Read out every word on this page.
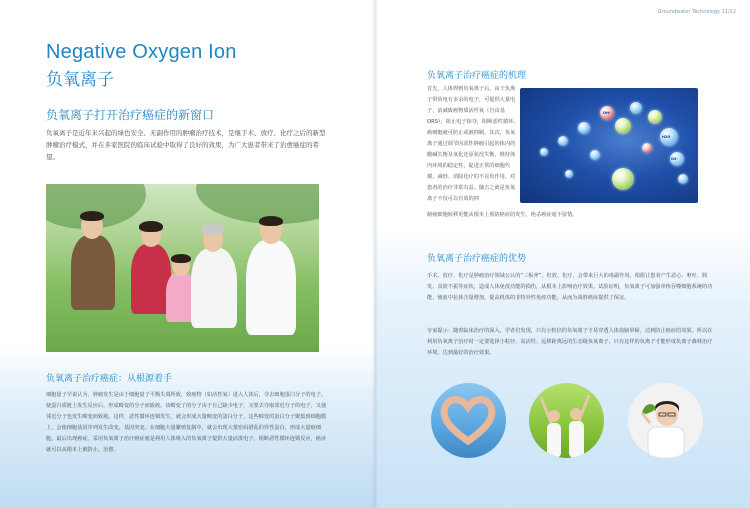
Groundwater Technology 11/12
Negative Oxygen Ion
负氧离子
负氧离子打开治疗癌症的新窗口
负氧离子是近年来兴起的绿色安全、无副作用的肿瘤治疗技术，是继手术、放疗、化疗之后的新型肿瘤治疗模式，并在多家医院的临床试验中取得了良好的效果，为广大患者带来了治愈癌症的希望。
负氧离子治疗癌症：从根源着手
细胞量子学说认为，肿瘤发生是由于细胞量子平衡失调所致，致癌物（如活性氧）进入人体后，夺去细胞蛋白分子的电子，使蛋白质链上发生反应后，形成畸变的分子而致癌。该畸变了的分子由于自己缺少电子，又要去夺取邻近分子的电子，又使邻近分子也发生畸变而致癌。这样，恶性循环连锁发生，就会形成大量畸变的蛋白分子，这些畸变的蛋白分子聚集到细胞膜上，会使细胞基因序列发生改变，基因突变。在细胞大量繁殖复制中，就会出现大量密码错乱的异性蛋白，形成大量癌细胞。最后出现癌症。采用负氧离子治疗癌症就是利用人体吸入的负氧离子提供大量活泼电子，阻断恶性循环连锁反应，癌症就可以从根本上被防止、治愈。
负氧离子治疗癌症的机理
首先，人体得到负氧离子后，由于负离子带负电有多余的电子，可提供大量电子，消减致癌物质活性氧（自由基ORS），阻止电子掠夺，阻断恶性循环，癌细胞就可防止或被抑制。其次，负氧离子通过调节因恶性肿瘤引起的体内的酸碱失衡及氧化还原状况失衡，维持体内环境的稳定性，促进正常的细胞代谢，减轻、消除化疗的不良负作用，对患者的治疗非常有益。随吉之就是负氧离子不仅可以有效的抑
制癌细胞转移更能从根本上预防癌症的发生，绝杀癌症毫不留情。
OH-
H2O
O2-
负氧离子治疗癌症的优势
手术、放疗、化疗是肿瘤治疗领域公认的“三板斧”，但放、化疗，会带来巨大的毒副作用。根据让患者产生恶心、呕吐、脱发、食欲不振等症状，造成人体免疫功能的损伤，从根本上影响治疗效果。试验证明，负氧离子可加强单核吞噬细胞系统的功能，使血中抗体含量增加，提高机体的非特异性免疫功能，从而为战胜癌症提供了保证。
专家提示：随着临床治疗的深入，学者们发现，只有小粒径的负氧离子才易穿透人体血脑屏障，达到防止癌症的效果。所以在利用负氧离子治疗时一定要选择小粒径、高活性、远移距离远的生态级负氧离子，只有这样的负离子才能形成负离子森林治疗环境，达到最好的治疗效果。
